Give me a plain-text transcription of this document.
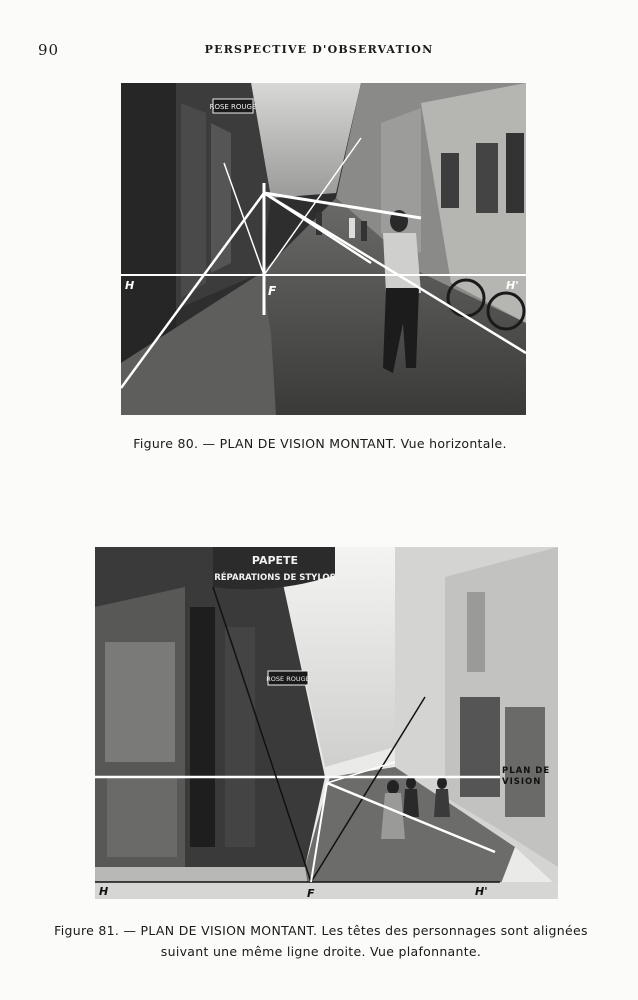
90	PERSPECTIVE D'OBSERVATION
ROSE ROUGE
H	H'
F
Figure 80. — PLAN DE VISION MONTANT. Vue horizontale.
PAPETE
RÉPARATIONS DE STYLOS
ROSE ROUGE
H	H'
F
PLAN DE
VISION
Figure 81. — PLAN DE VISION MONTANT. Les têtes des personnages sont alignées
suivant une même ligne droite. Vue plafonnante.
